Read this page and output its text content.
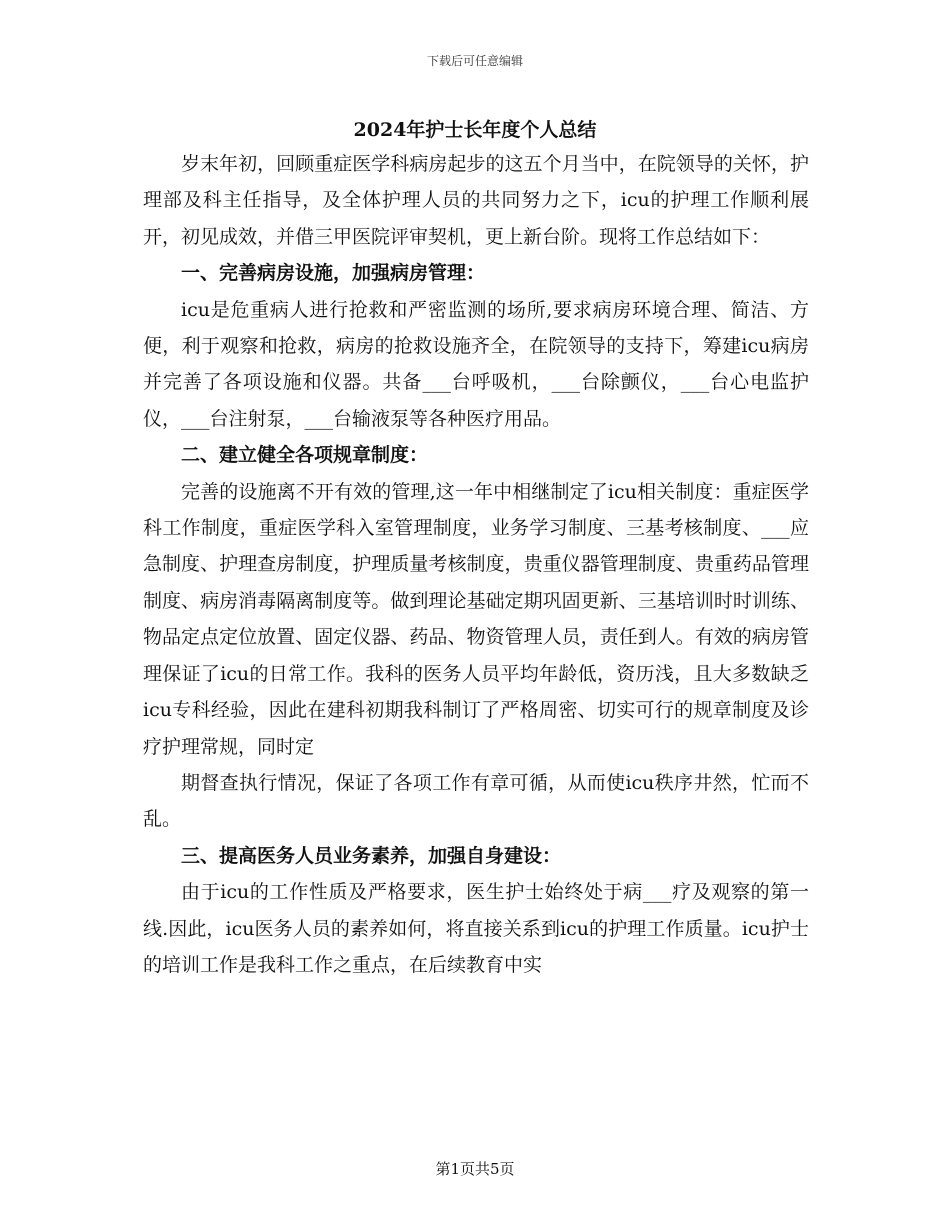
下载后可任意编辑
2024年护士长年度个人总结

岁末年初，回顾重症医学科病房起步的这五个月当中，在院领导的关怀，护理部及科主任指导，及全体护理人员的共同努力之下，icu的护理工作顺利展开，初见成效，并借三甲医院评审契机，更上新台阶。现将工作总结如下：

一、完善病房设施，加强病房管理：

icu是危重病人进行抢救和严密监测的场所,要求病房环境合理、简洁、方便，利于观察和抢救，病房的抢救设施齐全，在院领导的支持下，筹建icu病房并完善了各项设施和仪器。共备___台呼吸机，___台除颤仪，___台心电监护仪，___台注射泵，___台输液泵等各种医疗用品。

二、建立健全各项规章制度：

完善的设施离不开有效的管理,这一年中相继制定了icu相关制度：重症医学科工作制度，重症医学科入室管理制度，业务学习制度、三基考核制度、___应急制度、护理查房制度，护理质量考核制度，贵重仪器管理制度、贵重药品管理制度、病房消毒隔离制度等。做到理论基础定期巩固更新、三基培训时时训练、物品定点定位放置、固定仪器、药品、物资管理人员，责任到人。有效的病房管理保证了icu的日常工作。我科的医务人员平均年龄低，资历浅，且大多数缺乏icu专科经验，因此在建科初期我科制订了严格周密、切实可行的规章制度及诊疗护理常规，同时定

期督查执行情况，保证了各项工作有章可循，从而使icu秩序井然，忙而不乱。

三、提高医务人员业务素养，加强自身建设：

由于icu的工作性质及严格要求，医生护士始终处于病___疗及观察的第一线.因此，icu医务人员的素养如何，将直接关系到icu的护理工作质量。icu护士的培训工作是我科工作之重点，在后续教育中实

第1页共5页
